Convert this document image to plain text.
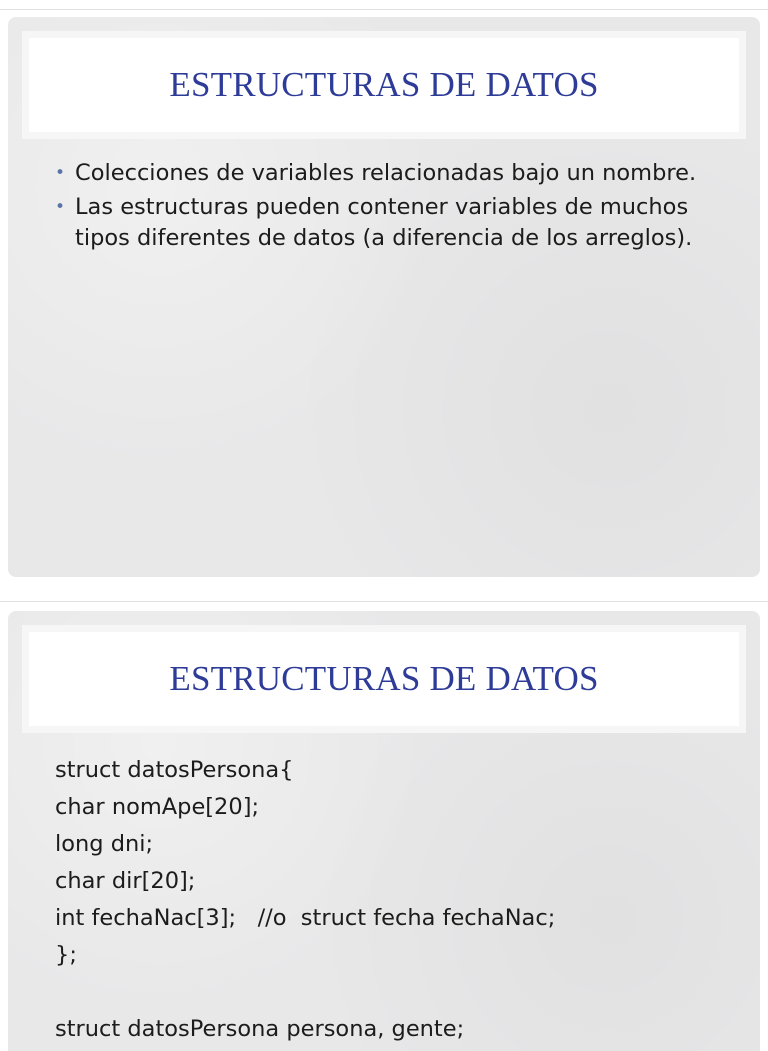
ESTRUCTURAS DE DATOS
• Colecciones de variables relacionadas bajo un nombre.
• Las estructuras pueden contener variables de muchos tipos diferentes de datos (a diferencia de los arreglos).
ESTRUCTURAS DE DATOS

struct datosPersona{

char nomApe[20];

long dni;

char dir[20];

int fechaNac[3];   //o  struct fecha fechaNac;

};

struct datosPersona persona, gente;
